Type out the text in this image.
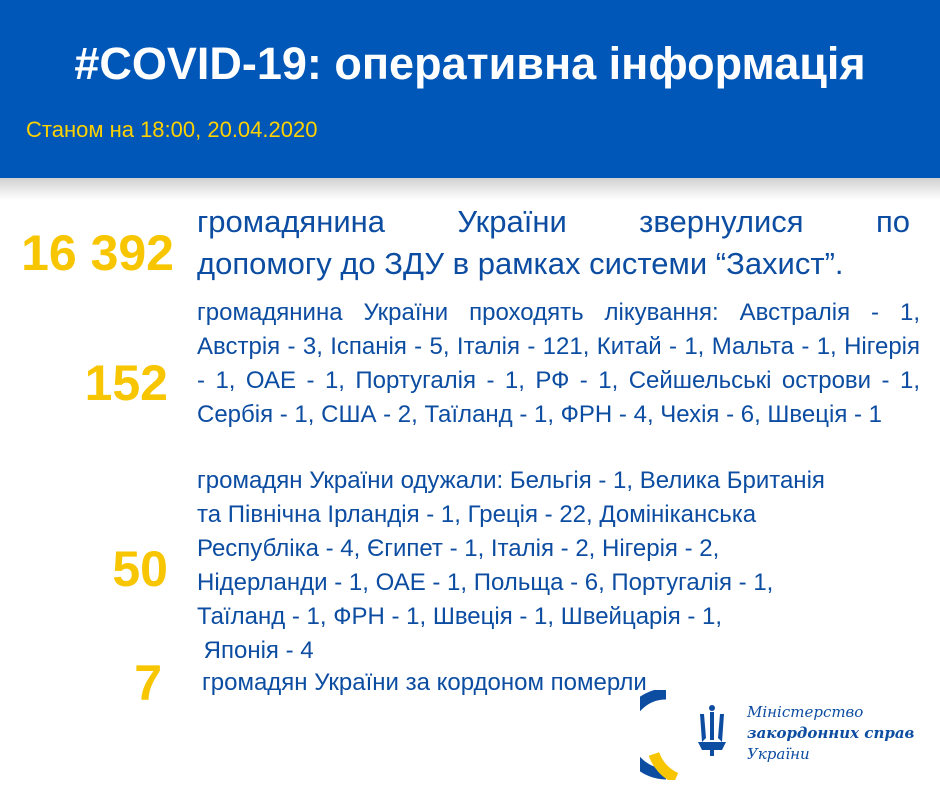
#COVID-19: оперативна інформація
Станом на 18:00, 20.04.2020
16 392
громадянина України звернулися по
допомогу до ЗДУ в рамках системи “Захист”.
152
громадянина України проходять лікування: Австралія - 1, Австрія - 3, Іспанія - 5, Італія - 121, Китай - 1, Мальта - 1, Нігерія - 1, ОАЕ - 1, Португалія - 1, РФ - 1, Сейшельські острови - 1, Сербія - 1, США - 2, Таїланд - 1, ФРН - 4, Чехія - 6, Швеція - 1
50
громадян України одужали: Бельгія - 1, Велика Британія
та Північна Ірландія - 1, Греція - 22, Домініканська
Республіка - 4, Єгипет - 1, Італія - 2, Нігерія - 2,
Нідерланди - 1, ОАЕ - 1, Польща - 6, Португалія - 1,
Таїланд - 1, ФРН - 1, Швеція - 1, Швейцарія - 1,
Японія - 4
7 громадян України за кордоном померли
Міністерство
закордонних справ
України
